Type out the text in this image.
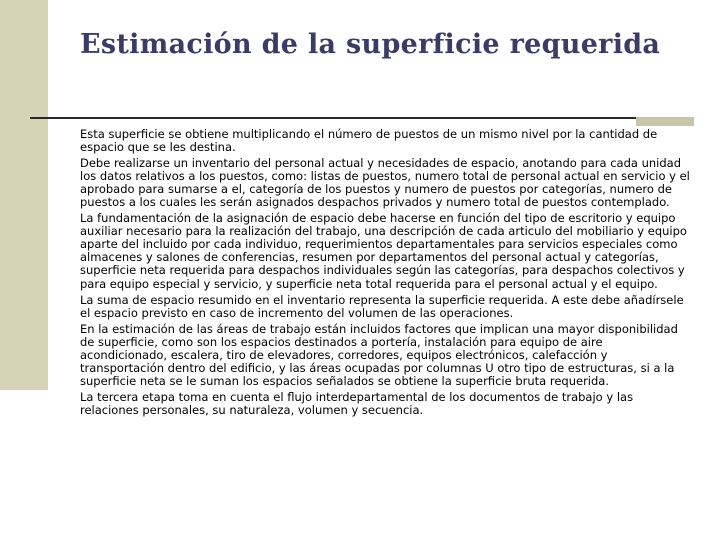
Estimación de la superficie requerida

Esta superficie se obtiene multiplicando el número de puestos de un mismo nivel por la cantidad de espacio que se les destina.

Debe realizarse un inventario del personal actual y necesidades de espacio, anotando para cada unidad los datos relativos a los puestos, como: listas de puestos, numero total de personal actual en servicio y el aprobado para sumarse a el, categoría de los puestos y numero de puestos por categorías, numero de puestos a los cuales les serán asignados despachos privados y numero total de puestos contemplado.

La fundamentación de la asignación de espacio debe hacerse en función del tipo de escritorio y equipo auxiliar necesario para la realización del trabajo, una descripción de cada articulo del mobiliario y equipo aparte del incluido por cada individuo, requerimientos departamentales para servicios especiales como almacenes y salones de conferencias, resumen por departamentos del personal actual y categorías, superficie neta requerida para despachos individuales según las categorías, para despachos colectivos y para equipo especial y servicio, y superficie neta total requerida para el personal actual y el equipo.

La suma de espacio resumido en el inventario representa la superficie requerida. A este debe añadírsele el espacio previsto en caso de incremento del volumen de las operaciones.

En la estimación de las áreas de trabajo están incluidos factores que implican una mayor disponibilidad de superficie, como son los espacios destinados a portería, instalación para equipo de aire acondicionado, escalera, tiro de elevadores, corredores, equipos electrónicos, calefacción y transportación dentro del edificio, y las áreas ocupadas por columnas U otro tipo de estructuras, si a la superficie neta se le suman los espacios señalados se obtiene la superficie bruta requerida.

La tercera etapa toma en cuenta el flujo interdepartamental de los documentos de trabajo y las relaciones personales, su naturaleza, volumen y secuencia.
